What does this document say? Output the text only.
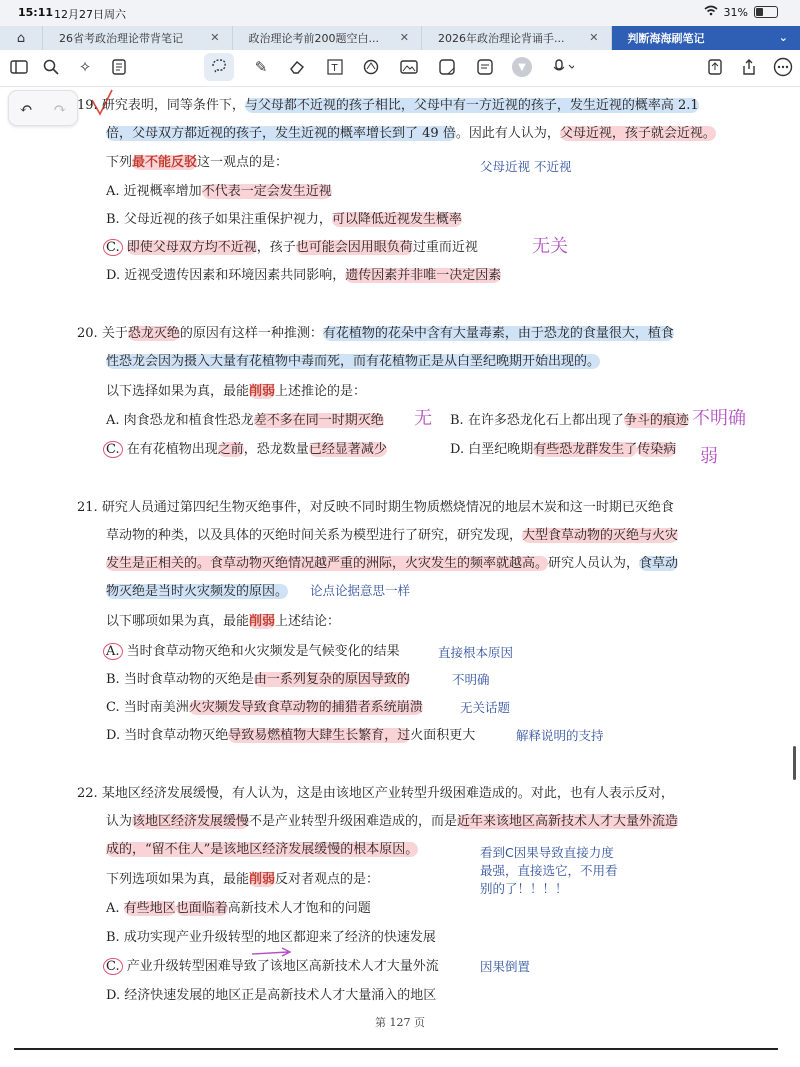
15:11 12月27日周六	31%
⌂	26省考政治理论带背笔记 ✕	政治理论考前200题空白... ✕	2026年政治理论背诵手... ✕	判断海海刷笔记	⌄
✧	✎	T	▼
↶ ↷ 19. 研究表明，同等条件下，与父母都不近视的孩子相比，父母中有一方近视的孩子，发生近视的概率高 2.1
倍，父母双方都近视的孩子，发生近视的概率增长到了 49 倍。因此有人认为，父母近视，孩子就会近视。
下列最不能反驳这一观点的是：	父母近视 不近视
A. 近视概率增加不代表一定会发生近视
B. 父母近视的孩子如果注重保护视力，可以降低近视发生概率
C. 即使父母双方均不近视，孩子也可能会因用眼负荷过重而近视	无关
D. 近视受遗传因素和环境因素共同影响，遗传因素并非唯一决定因素
20. 关于恐龙灭绝的原因有这样一种推测：有花植物的花朵中含有大量毒素，由于恐龙的食量很大，植食
性恐龙会因为摄入大量有花植物中毒而死，而有花植物正是从白垩纪晚期开始出现的。
以下选择如果为真，最能削弱上述推论的是：
A. 肉食恐龙和植食性恐龙差不多在同一时期灭绝 无 B. 在许多恐龙化石上都出现了争斗的痕迹 不明确
C. 在有花植物出现之前，恐龙数量已经显著减少	D. 白垩纪晚期有些恐龙群发生了传染病 弱
21. 研究人员通过第四纪生物灭绝事件，对反映不同时期生物质燃烧情况的地层木炭和这一时期已灭绝食
草动物的种类，以及具体的灭绝时间关系为模型进行了研究，研究发现，大型食草动物的灭绝与火灾
发生是正相关的。食草动物灭绝情况越严重的洲际，火灾发生的频率就越高。研究人员认为，食草动
物灭绝是当时火灾频发的原因。 论点论据意思一样
以下哪项如果为真，最能削弱上述结论：
A. 当时食草动物灭绝和火灾频发是气候变化的结果	直接根本原因
B. 当时食草动物的灭绝是由一系列复杂的原因导致的	不明确
C. 当时南美洲火灾频发导致食草动物的捕猎者系统崩溃	无关话题
D. 当时食草动物灭绝导致易燃植物大肆生长繁育，过火面积更大	解释说明的支持
22. 某地区经济发展缓慢，有人认为，这是由该地区产业转型升级困难造成的。对此，也有人表示反对，
认为该地区经济发展缓慢不是产业转型升级困难造成的，而是近年来该地区高新技术人才大量外流造
成的，“留不住人”是该地区经济发展缓慢的根本原因。	看到C因果导致直接力度
最强，直接选它，不用看
别的了！！！！
下列选项如果为真，最能削弱反对者观点的是：
A. 有些地区也面临着高新技术人才饱和的问题
B. 成功实现产业升级转型的地区都迎来了经济的快速发展
C. 产业升级转型困难导致了该地区高新技术人才大量外流	因果倒置
D. 经济快速发展的地区正是高新技术人才大量涌入的地区
第 127 页
